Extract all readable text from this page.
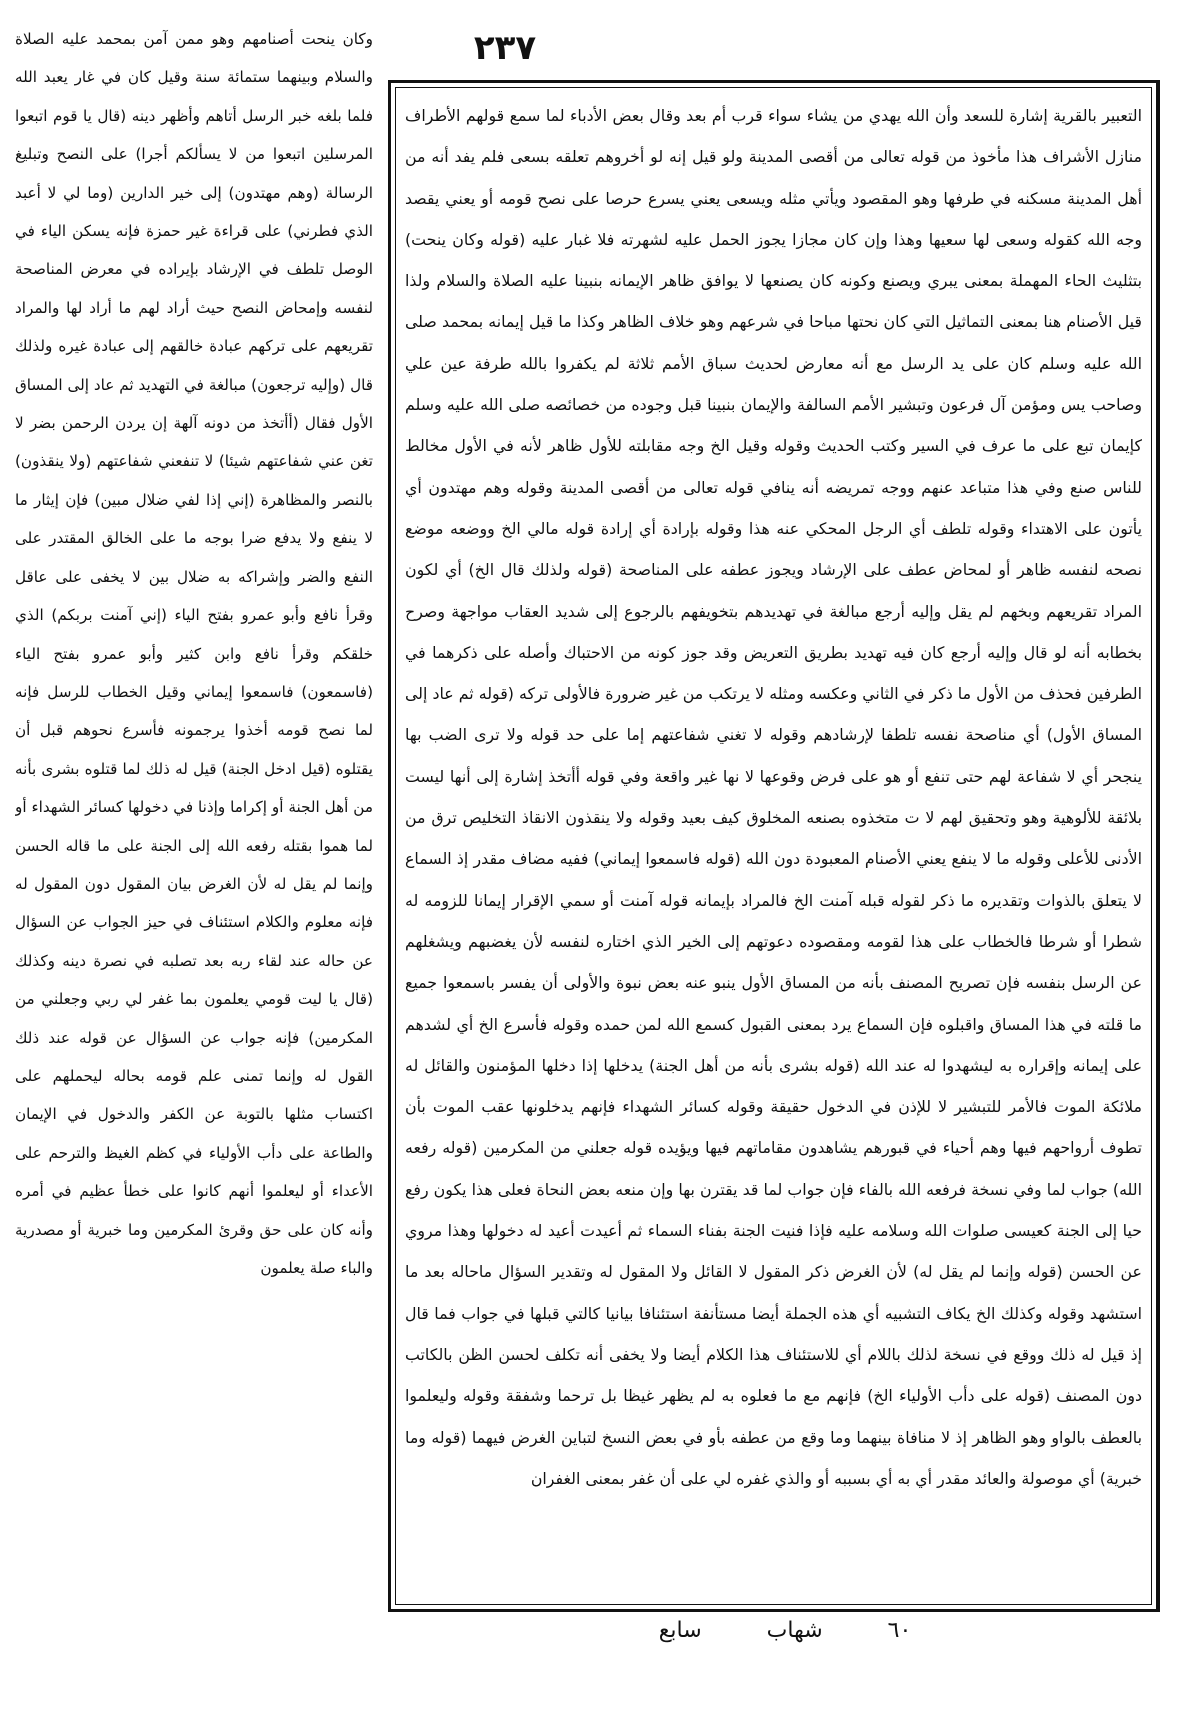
٢٣٧

وكان ينحت أصنامهم وهو ممن آمن بمحمد عليه الصلاة والسلام وبينهما ستمائة سنة وقيل كان في غار يعبد الله فلما بلغه خبر الرسل أتاهم وأظهر دينه (قال يا قوم اتبعوا المرسلين اتبعوا من لا يسألكم أجرا) على النصح وتبليغ الرسالة (وهم مهتدون) إلى خير الدارين (وما لي لا أعبد الذي فطرني) على قراءة غير حمزة فإنه يسكن الياء في الوصل تلطف في الإرشاد بإيراده في معرض المناصحة لنفسه وإمحاض النصح حيث أراد لهم ما أراد لها والمراد تقريعهم على تركهم عبادة خالقهم إلى عبادة غيره ولذلك قال (وإليه ترجعون) مبالغة في التهديد ثم عاد إلى المساق الأول فقال (أأتخذ من دونه آلهة إن يردن الرحمن بضر لا تغن عني شفاعتهم شيئا) لا تنفعني شفاعتهم (ولا ينقذون) بالنصر والمظاهرة (إني إذا لفي ضلال مبين) فإن إيثار ما لا ينفع ولا يدفع ضرا بوجه ما على الخالق المقتدر على النفع والضر وإشراكه به ضلال بين لا يخفى على عاقل وقرأ نافع وأبو عمرو بفتح الياء (إني آمنت بربكم) الذي خلقكم وقرأ نافع وابن كثير وأبو عمرو بفتح الياء (فاسمعون) فاسمعوا إيماني وقيل الخطاب للرسل فإنه لما نصح قومه أخذوا يرجمونه فأسرع نحوهم قبل أن يقتلوه (قيل ادخل الجنة) قيل له ذلك لما قتلوه بشرى بأنه من أهل الجنة أو إكراما وإذنا في دخولها كسائر الشهداء أو لما هموا بقتله رفعه الله إلى الجنة على ما قاله الحسن وإنما لم يقل له لأن الغرض بيان المقول دون المقول له فإنه معلوم والكلام استئناف في حيز الجواب عن السؤال عن حاله عند لقاء ربه بعد تصلبه في نصرة دينه وكذلك (قال يا ليت قومي يعلمون بما غفر لي ربي وجعلني من المكرمين) فإنه جواب عن السؤال عن قوله عند ذلك القول له وإنما تمنى علم قومه بحاله ليحملهم على اكتساب مثلها بالتوبة عن الكفر والدخول في الإيمان والطاعة على دأب الأولياء في كظم الغيظ والترحم على الأعداء أو ليعلموا أنهم كانوا على خطأ عظيم في أمره وأنه كان على حق وقرئ المكرمين وما خبرية أو مصدرية والباء صلة يعلمون

التعبير بالقرية إشارة للسعد وأن الله يهدي من يشاء سواء قرب أم بعد وقال بعض الأدباء لما سمع قولهم الأطراف منازل الأشراف هذا مأخوذ من قوله تعالى من أقصى المدينة ولو قيل إنه لو أخروهم تعلقه بسعى فلم يفد أنه من أهل المدينة مسكنه في طرفها وهو المقصود ويأتي مثله ويسعى يعني يسرع حرصا على نصح قومه أو يعني يقصد وجه الله كقوله وسعى لها سعيها وهذا وإن كان مجازا يجوز الحمل عليه لشهرته فلا غبار عليه (قوله وكان ينحت) بتثليث الحاء المهملة بمعنى يبري ويصنع وكونه كان يصنعها لا يوافق ظاهر الإيمانه بنبينا عليه الصلاة والسلام ولذا قيل الأصنام هنا بمعنى التماثيل التي كان نحتها مباحا في شرعهم وهو خلاف الظاهر وكذا ما قيل إيمانه بمحمد صلى الله عليه وسلم كان على يد الرسل مع أنه معارض لحديث سباق الأمم ثلاثة لم يكفروا بالله طرفة عين علي وصاحب يس ومؤمن آل فرعون وتبشير الأمم السالفة والإيمان بنبينا قبل وجوده من خصائصه صلى الله عليه وسلم كإيمان تبع على ما عرف في السير وكتب الحديث وقوله وقيل الخ وجه مقابلته للأول ظاهر لأنه في الأول مخالط للناس صنع وفي هذا متباعد عنهم ووجه تمريضه أنه ينافي قوله تعالى من أقصى المدينة وقوله وهم مهتدون أي يأتون على الاهتداء وقوله تلطف أي الرجل المحكي عنه هذا وقوله بإرادة أي إرادة قوله مالي الخ ووضعه موضع نصحه لنفسه ظاهر أو لمحاض عطف على الإرشاد ويجوز عطفه على المناصحة (قوله ولذلك قال الخ) أي لكون المراد تقريعهم وبخهم لم يقل وإليه أرجع مبالغة في تهديدهم بتخويفهم بالرجوع إلى شديد العقاب مواجهة وصرح بخطابه أنه لو قال وإليه أرجع كان فيه تهديد بطريق التعريض وقد جوز كونه من الاحتباك وأصله على ذكرهما في الطرفين فحذف من الأول ما ذكر في الثاني وعكسه ومثله لا يرتكب من غير ضرورة فالأولى تركه (قوله ثم عاد إلى المساق الأول) أي مناصحة نفسه تلطفا لإرشادهم وقوله لا تغني شفاعتهم إما على حد قوله ولا ترى الضب بها ينجحر أي لا شفاعة لهم حتى تنفع أو هو على فرض وقوعها لا نها غير واقعة وفي قوله أأتخذ إشارة إلى أنها ليست بلائقة للألوهية وهو وتحقيق لهم لا ت متخذوه بصنعه المخلوق كيف بعيد وقوله ولا ينقذون الانقاذ التخليص ترق من الأدنى للأعلى وقوله ما لا ينفع يعني الأصنام المعبودة دون الله (قوله فاسمعوا إيماني) ففيه مضاف مقدر إذ السماع لا يتعلق بالذوات وتقديره ما ذكر لقوله قبله آمنت الخ فالمراد بإيمانه قوله آمنت أو سمي الإقرار إيمانا للزومه له شطرا أو شرطا فالخطاب على هذا لقومه ومقصوده دعوتهم إلى الخير الذي اختاره لنفسه لأن يغضبهم ويشغلهم عن الرسل بنفسه فإن تصريح المصنف بأنه من المساق الأول ينبو عنه بعض نبوة والأولى أن يفسر باسمعوا جميع ما قلته في هذا المساق واقبلوه فإن السماع يرد بمعنى القبول كسمع الله لمن حمده وقوله فأسرع الخ أي لشدهم على إيمانه وإقراره به ليشهدوا له عند الله (قوله بشرى بأنه من أهل الجنة) يدخلها إذا دخلها المؤمنون والقائل له ملائكة الموت فالأمر للتبشير لا للإذن في الدخول حقيقة وقوله كسائر الشهداء فإنهم يدخلونها عقب الموت بأن تطوف أرواحهم فيها وهم أحياء في قبورهم يشاهدون مقاماتهم فيها ويؤيده قوله جعلني من المكرمين (قوله رفعه الله) جواب لما وفي نسخة فرفعه الله بالفاء فإن جواب لما قد يقترن بها وإن منعه بعض النحاة فعلى هذا يكون رفع حيا إلى الجنة كعيسى صلوات الله وسلامه عليه فإذا فنيت الجنة بفناء السماء ثم أعيدت أعيد له دخولها وهذا مروي عن الحسن (قوله وإنما لم يقل له) لأن الغرض ذكر المقول لا القائل ولا المقول له وتقدير السؤال ماحاله بعد ما استشهد وقوله وكذلك الخ يكاف التشبيه أي هذه الجملة أيضا مستأنفة استئنافا بيانيا كالتي قبلها في جواب فما قال إذ قيل له ذلك ووقع في نسخة لذلك باللام أي للاستئناف هذا الكلام أيضا ولا يخفى أنه تكلف لحسن الظن بالكاتب دون المصنف (قوله على دأب الأولياء الخ) فإنهم مع ما فعلوه به لم يظهر غيظا بل ترحما وشفقة وقوله وليعلموا بالعطف بالواو وهو الظاهر إذ لا منافاة بينهما وما وقع من عطفه بأو في بعض النسخ لتباين الغرض فيهما (قوله وما خبرية) أي موصولة والعائد مقدر أي به أي بسببه أو والذي غفره لي على أن غفر بمعنى الغفران

٦٠ شهاب سابع
